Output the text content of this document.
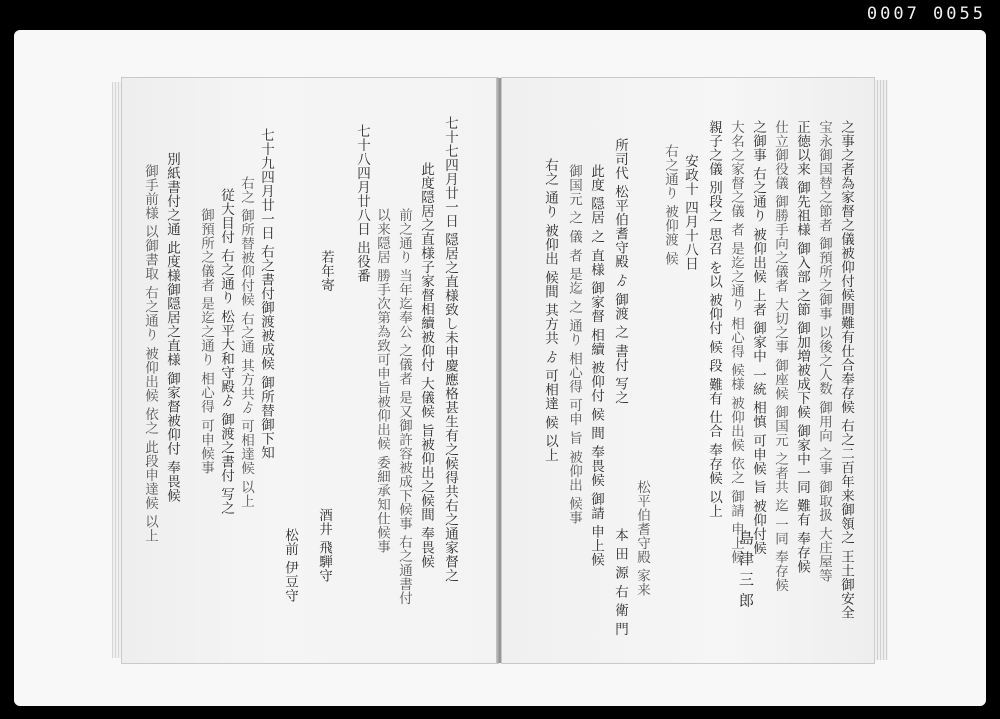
0007 0055
七十七四月廿一日 隠居之直様致し未申慶應格甚生有之候得共右之通家督之
此度隠居之直様子家督相續被仰付 大儀候 旨被仰出之候間 奉畏候
前之通り 当年迄奉公 之儀者 是又御許容被成下候事 右之通書付
以来隠居 勝手次第為致可申旨被仰出候 委細承知仕候事
七十八四月廿八日 出役番
若年寄
七十九四月廿一日 右之書付御渡被成候 御所替御下知
右之 御所替被仰付候 右之通 其方共ゟ 可相達候 以上
従大目付 右之通り 松平大和守殿ゟ 御渡之書付 写之
御預所之儀者 是迄之通り 相心得 可申候事
酒井 飛騨守
松前 伊豆守
別紙書付之通 此度様御隠居之直様 御家督被仰付 奉畏候
御手前様 以御書取 右之通り 被仰出候 依之 此段申達候 以上	之事之者為家督之儀被仰付候間難有仕合奉存候 右之二百年来御領之 王土御安全
宝永御国替之節者 御預所之御事 以後之人数 御用向 之事 御取扱 大庄屋等
正徳以来 御先祖様 御入部 之節 御加増被成下候 御家中一同 難有 奉存候
仕立御役儀 御勝手向之儀者 大切之事 御座候 御国元 之者共 迄 一同 奉存候
之御事 右之通り 被仰出候 上者 御家中 一統 相慎 可申候 旨 被仰付候
大名之家督之儀 者 是迄之通り 相心得 候様 被仰出候 依之 御請 申上候
親子之儀 別段之 思召 を以 被仰付 候 段 難有 仕合 奉存候 以上
安政十 四月十八日
右之通り 被仰渡 候
所司代 松平伯耆守殿 ゟ 御渡 之 書付 写之
此度 隠居 之 直様 御家督 相續 被仰付 候 間 奉畏候 御請 申上候
御国元 之 儀 者 是迄 之 通り 相心得 可申 旨 被仰出 候事
右之 通り 被仰出 候間 其方共 ゟ 可相達 候 以上
松平伯耆守殿 家来
本 田 源 右 衛 門	島 津 三 郎
